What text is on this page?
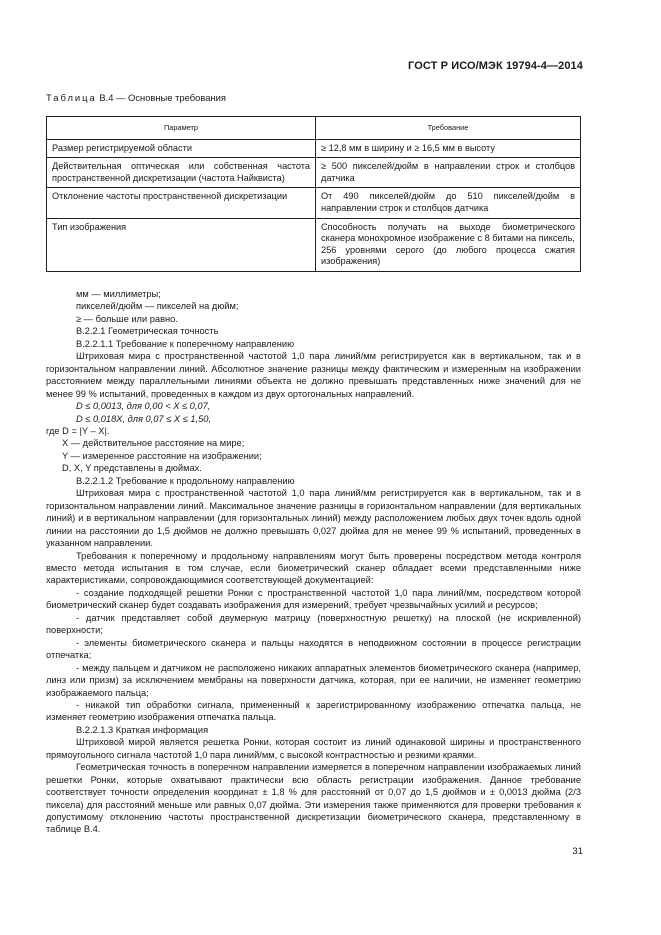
ГОСТ Р ИСО/МЭК 19794-4—2014
Таблица В.4 — Основные требования
Параметр	Требование
Размер регистрируемой области	≥ 12,8 мм в ширину и ≥ 16,5 мм в высоту
Действительная оптическая или собственная частота пространственной дискретизации (частота Найквиста)	≥ 500 пикселей/дюйм в направлении строк и столбцов датчика
Отклонение частоты пространственной дискретизации	От 490 пикселей/дюйм до 510 пикселей/дюйм в направлении строк и столбцов датчика
Тип изображения	Способность получать на выходе биометрического сканера монохромное изображение с 8 битами на пиксель, 256 уровнями серого (до любого процесса сжатия изображения)

мм — миллиметры;

пикселей/дюйм — пикселей на дюйм;

≥ — больше или равно.

В.2.2.1 Геометрическая точность

В.2.2.1.1 Требование к поперечному направлению

Штриховая мира с пространственной частотой 1,0 пара линий/мм регистрируется как в вертикальном, так и в горизонтальном направлении линий. Абсолютное значение разницы между фактическим и измеренным на изображении расстоянием между параллельными линиями объекта не должно превышать представленных ниже значений для не менее 99 % испытаний, проведенных в каждом из двух ортогональных направлений.

D ≤ 0,0013, для 0,00 < X ≤ 0,07,

D ≤ 0,018X, для 0,07 ≤ X ≤ 1,50,

где D = |Y – X|.

X — действительное расстояние на мире;

Y — измеренное расстояние на изображении;

D, X, Y представлены в дюймах.

В.2.2.1.2 Требование к продольному направлению

Штриховая мира с пространственной частотой 1,0 пара линий/мм регистрируется как в вертикальном, так и в горизонтальном направлении линий. Максимальное значение разницы в горизонтальном направлении (для вертикальных линий) и в вертикальном направлении (для горизонтальных линий) между расположением любых двух точек вдоль одной линии на расстоянии до 1,5 дюймов не должно превышать 0,027 дюйма для не менее 99 % испытаний, проведенных в указанном направлении.

Требования к поперечному и продольному направлениям могут быть проверены посредством метода контроля вместо метода испытания в том случае, если биометрический сканер обладает всеми представленными ниже характеристиками, сопровождающимися соответствующей документацией:

- создание подходящей решетки Ронки с пространственной частотой 1,0 пара линий/мм, посредством которой биометрический сканер будет создавать изображения для измерений, требует чрезвычайных усилий и ресурсов;

- датчик представляет собой двумерную матрицу (поверхностную решетку) на плоской (не искривленной) поверхности;

- элементы биометрического сканера и пальцы находятся в неподвижном состоянии в процессе регистрации отпечатка;

- между пальцем и датчиком не расположено никаких аппаратных элементов биометрического сканера (например, линз или призм) за исключением мембраны на поверхности датчика, которая, при ее наличии, не изменяет геометрию изображаемого пальца;

- никакой тип обработки сигнала, примененный к зарегистрированному изображению отпечатка пальца, не изменяет геометрию изображения отпечатка пальца.

В.2.2.1.3 Краткая информация

Штриховой мирой является решетка Ронки, которая состоит из линий одинаковой ширины и пространственного прямоугольного сигнала частотой 1,0 пара линий/мм, с высокой контрастностью и резкими краями.

Геометрическая точность в поперечном направлении измеряется в поперечном направлении изображаемых линий решетки Ронки, которые охватывают практически всю область регистрации изображения. Данное требование соответствует точности определения координат ± 1,8 % для расстояний от 0,07 до 1,5 дюймов и ± 0,0013 дюйма (2/3 пиксела) для расстояний меньше или равных 0,07 дюйма. Эти измерения также применяются для проверки требования к допустимому отклонению частоты пространственной дискретизации биометрического сканера, представленному в таблице В.4.

31
